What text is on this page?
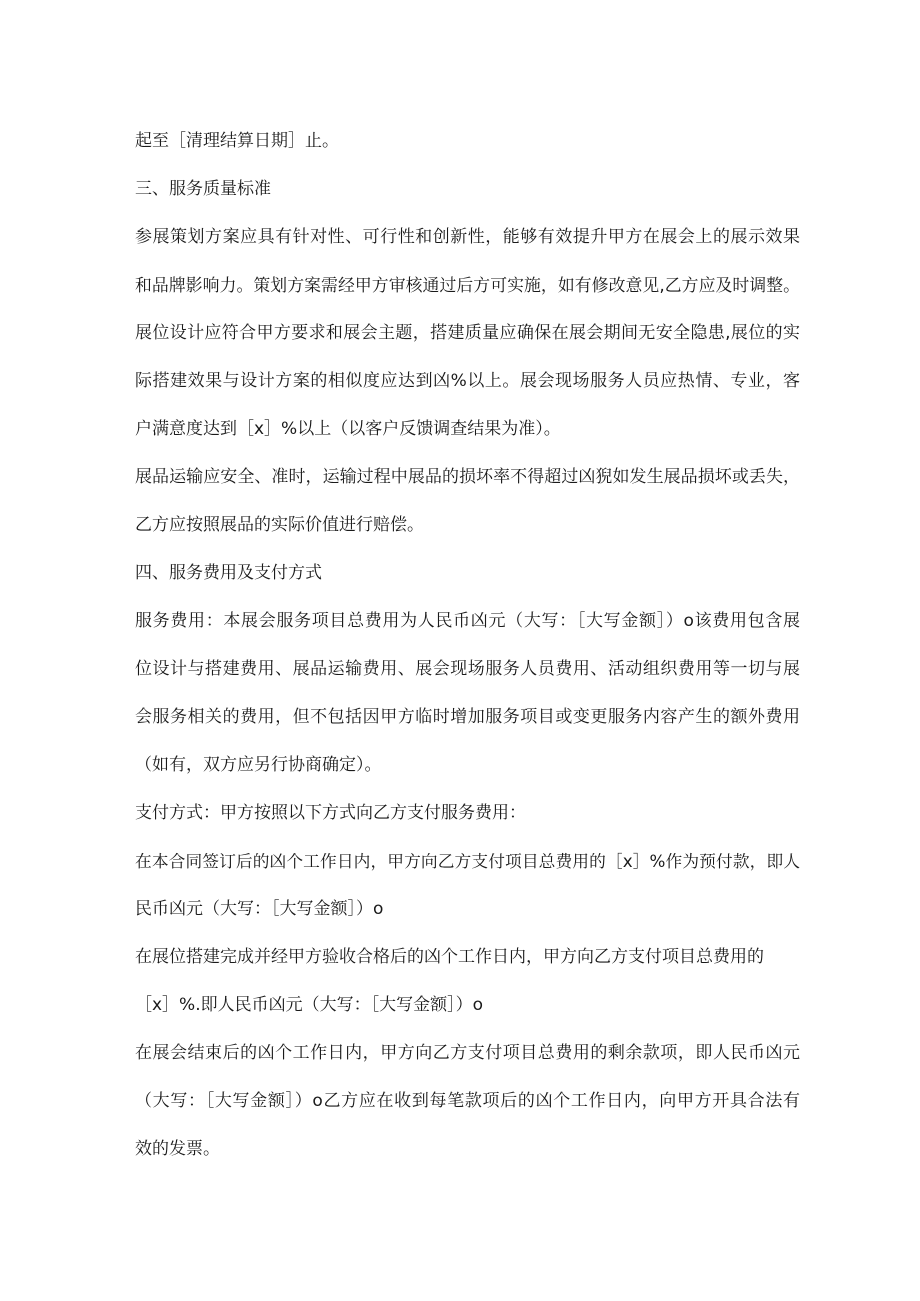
起至［清理结算日期］止。
三、服务质量标准
参展策划方案应具有针对性、可行性和创新性，能够有效提升甲方在展会上的展示效果
和品牌影响力。策划方案需经甲方审核通过后方可实施，如有修改意见,乙方应及时调整。
展位设计应符合甲方要求和展会主题，搭建质量应确保在展会期间无安全隐患,展位的实
际搭建效果与设计方案的相似度应达到凶%以上。展会现场服务人员应热情、专业，客
户满意度达到［x］%以上（以客户反馈调查结果为准）。
展品运输应安全、准时，运输过程中展品的损坏率不得超过凶猊如发生展品损坏或丢失，
乙方应按照展品的实际价值进行赔偿。
四、服务费用及支付方式
服务费用：本展会服务项目总费用为人民币凶元（大写：［大写金额］）o该费用包含展
位设计与搭建费用、展品运输费用、展会现场服务人员费用、活动组织费用等一切与展
会服务相关的费用，但不包括因甲方临时增加服务项目或变更服务内容产生的额外费用
（如有，双方应另行协商确定）。
支付方式：甲方按照以下方式向乙方支付服务费用：
在本合同签订后的凶个工作日内，甲方向乙方支付项目总费用的［x］%作为预付款，即人
民币凶元（大写：［大写金额］）o
在展位搭建完成并经甲方验收合格后的凶个工作日内，甲方向乙方支付项目总费用的
［x］%.即人民币凶元（大写：［大写金额］）o
在展会结束后的凶个工作日内，甲方向乙方支付项目总费用的剩余款项，即人民币凶元
（大写：［大写金额］）o乙方应在收到每笔款项后的凶个工作日内，向甲方开具合法有
效的发票。
